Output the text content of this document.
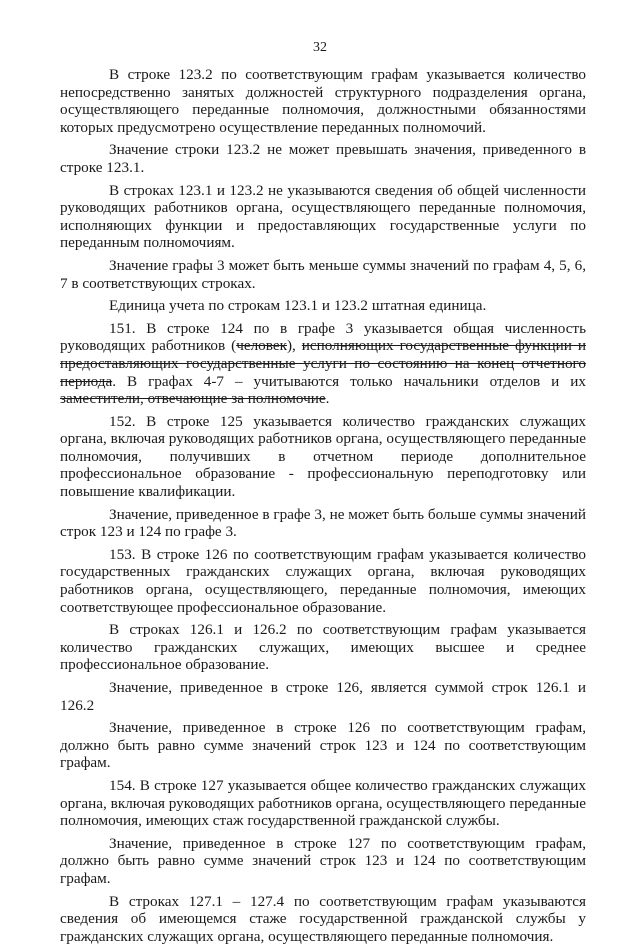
32

В строке 123.2 по соответствующим графам указывается количество непосредственно занятых должностей структурного подразделения органа, осуществляющего переданные полномочия, должностными обязанностями которых предусмотрено осуществление переданных полномочий.

Значение строки 123.2 не может превышать значения, приведенного в строке 123.1.

В строках 123.1 и 123.2 не указываются сведения об общей численности руководящих работников органа, осуществляющего переданные полномочия, исполняющих функции и предоставляющих государственные услуги по переданным полномочиям.

Значение графы 3 может быть меньше суммы значений по графам 4, 5, 6, 7 в соответствующих строках.

Единица учета по строкам 123.1 и 123.2 штатная единица.

151. В строке 124 по в графе 3 указывается общая численность руководящих работников (человек), исполняющих государственные функции и предоставляющих государственные услуги по состоянию на конец отчетного периода. В графах 4-7 – учитываются только начальники отделов и их заместители, отвечающие за полномочие.

152. В строке 125 указывается количество гражданских служащих органа, включая руководящих работников органа, осуществляющего переданные полномочия, получивших в отчетном периоде дополнительное профессиональное образование - профессиональную переподготовку или повышение квалификации.

Значение, приведенное в графе 3, не может быть больше суммы значений строк 123 и 124 по графе 3.

153. В строке 126 по соответствующим графам указывается количество государственных гражданских служащих органа, включая руководящих работников органа, осуществляющего, переданные полномочия, имеющих соответствующее профессиональное образование.

В строках 126.1 и 126.2 по соответствующим графам указывается количество гражданских служащих, имеющих высшее и среднее профессиональное образование.

Значение, приведенное в строке 126, является суммой строк 126.1 и 126.2

Значение, приведенное в строке 126 по соответствующим графам, должно быть равно сумме значений строк 123 и 124 по соответствующим графам.

154. В строке 127 указывается общее количество гражданских служащих органа, включая руководящих работников органа, осуществляющего переданные полномочия, имеющих стаж государственной гражданской службы.

Значение, приведенное в строке 127 по соответствующим графам, должно быть равно сумме значений строк 123 и 124 по соответствующим графам.

В строках 127.1 – 127.4 по соответствующим графам указываются сведения об имеющемся стаже государственной гражданской службы у гражданских служащих органа, осуществляющего переданные полномочия.
